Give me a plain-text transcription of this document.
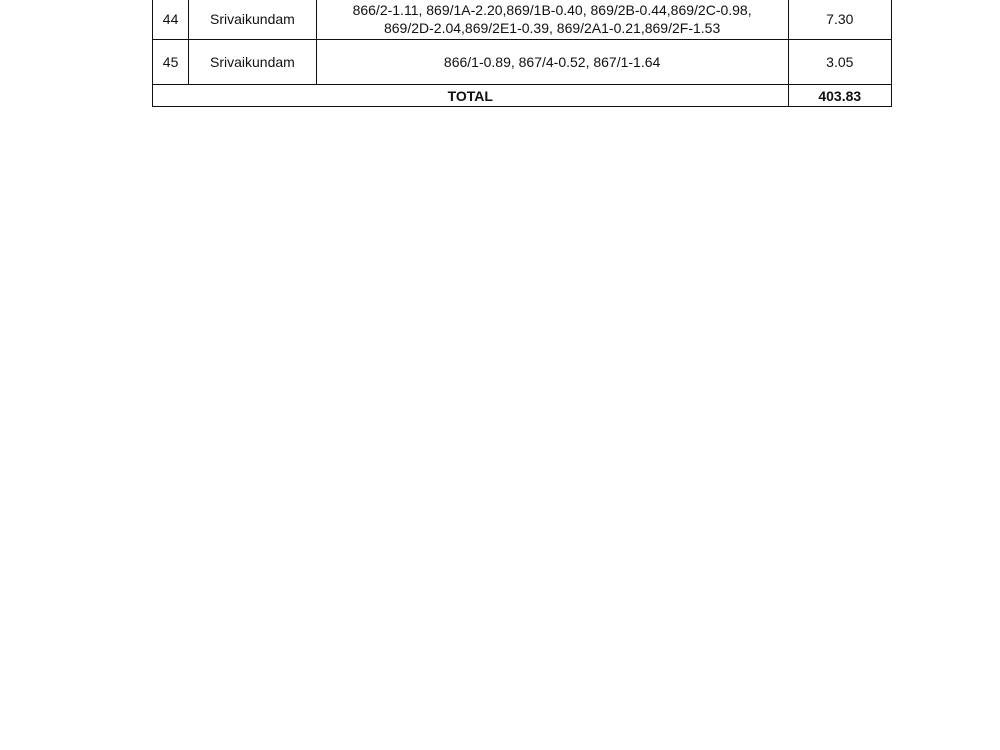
44	Srivaikundam	866/2-1.11, 869/1A-2.20,869/1B-0.40, 869/2B-0.44,869/2C-0.98,
869/2D-2.04,869/2E1-0.39, 869/2A1-0.21,869/2F-1.53	7.30
45	Srivaikundam	866/1-0.89, 867/4-0.52, 867/1-1.64	3.05
TOTAL			403.83
